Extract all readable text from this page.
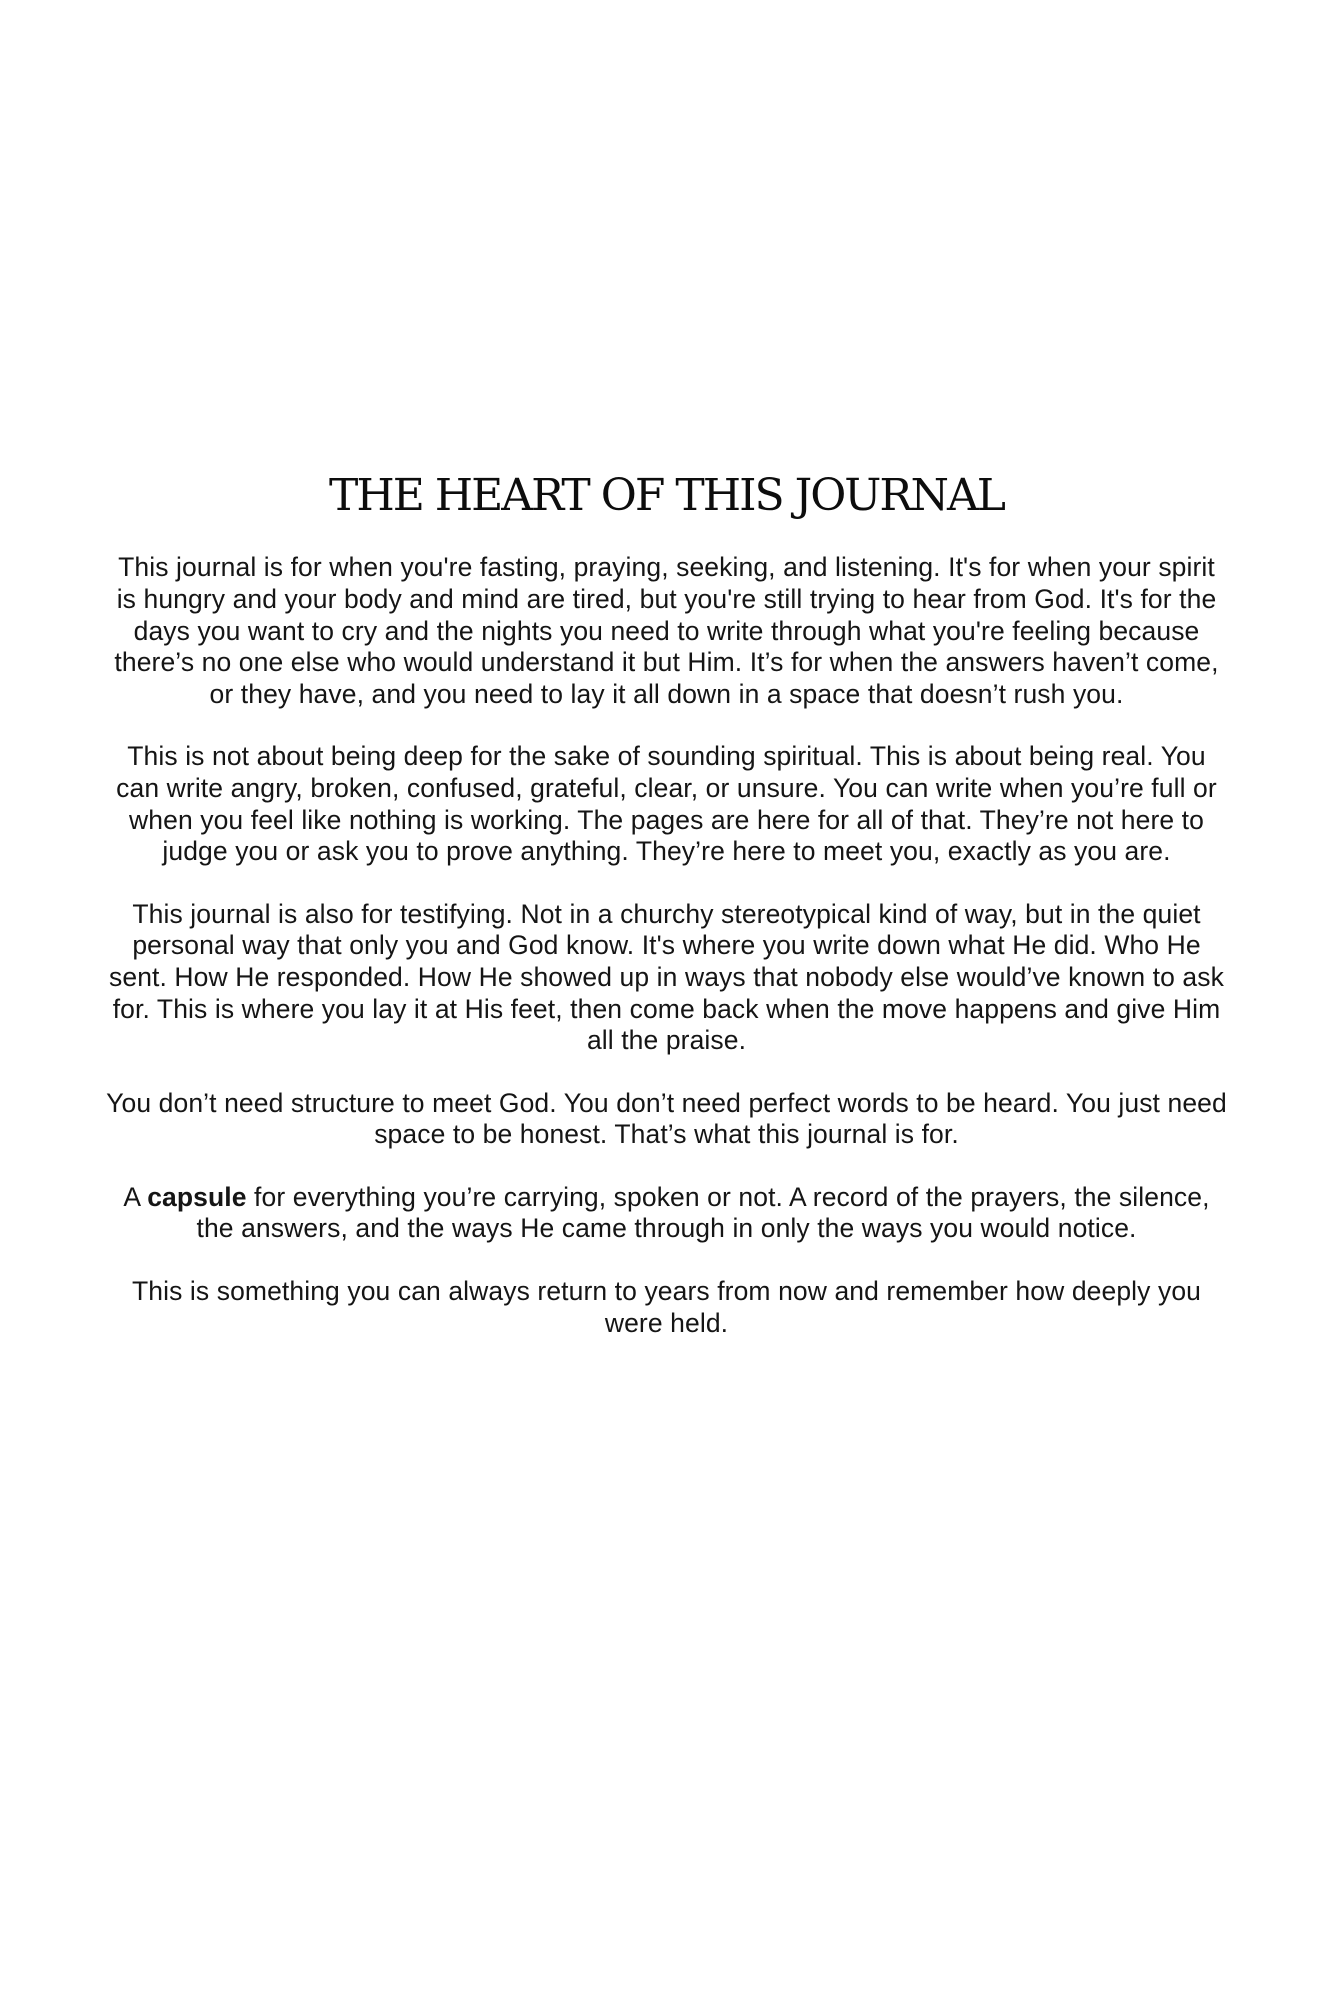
THE HEART OF THIS JOURNAL

This journal is for when you're fasting, praying, seeking, and listening. It's for when your spirit is hungry and your body and mind are tired, but you're still trying to hear from God. It's for the days you want to cry and the nights you need to write through what you're feeling because there’s no one else who would understand it but Him. It’s for when the answers haven’t come, or they have, and you need to lay it all down in a space that doesn’t rush you.

This is not about being deep for the sake of sounding spiritual. This is about being real. You can write angry, broken, confused, grateful, clear, or unsure. You can write when you’re full or when you feel like nothing is working. The pages are here for all of that. They’re not here to judge you or ask you to prove anything. They’re here to meet you, exactly as you are.

This journal is also for testifying. Not in a churchy stereotypical kind of way, but in the quiet personal way that only you and God know. It's where you write down what He did. Who He sent. How He responded. How He showed up in ways that nobody else would’ve known to ask for. This is where you lay it at His feet, then come back when the move happens and give Him all the praise.

You don’t need structure to meet God. You don’t need perfect words to be heard. You just need space to be honest. That’s what this journal is for.

A capsule for everything you’re carrying, spoken or not. A record of the prayers, the silence, the answers, and the ways He came through in only the ways you would notice.

This is something you can always return to years from now and remember how deeply you were held.
